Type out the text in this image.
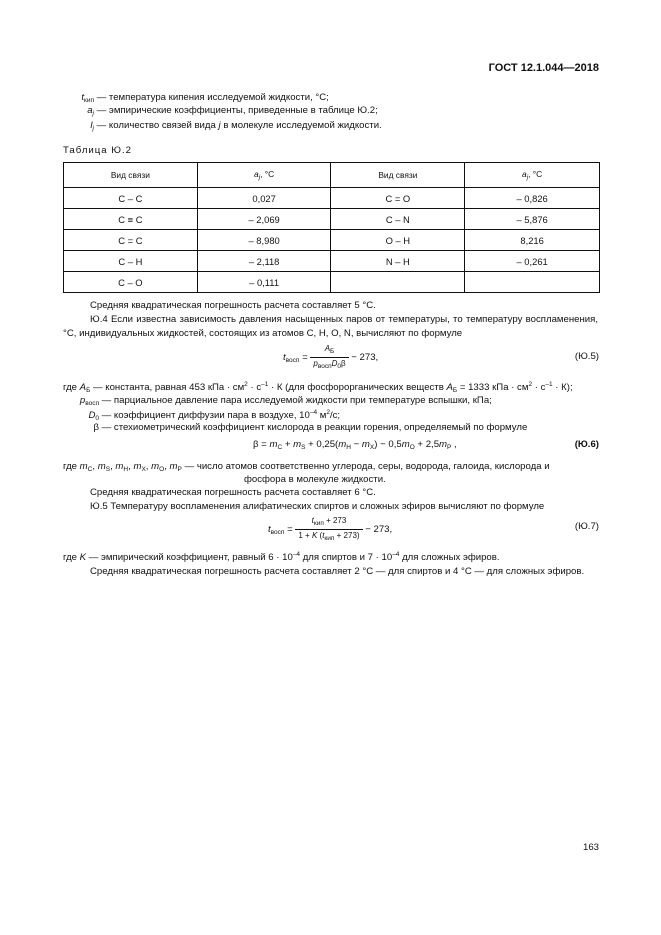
ГОСТ 12.1.044—2018
$t_{кип}$ — температура кипения исследуемой жидкости, °С;
$a_j$ — эмпирические коэффициенты, приведенные в таблице Ю.2;
$l_j$ — количество связей вида j в молекуле исследуемой жидкости.
Таблица Ю.2
Вид связи	$a_j$, °С	Вид связи	$a_j$, °С
C – C	0,027	C = O	– 0,826
C ≡ C	– 2,069	C – N	– 5,876
C = C	– 8,980	O – H	8,216
C – H	– 2,118	N – H	– 0,261
C – O	– 0,111		
Средняя квадратическая погрешность расчета составляет 5 °С.
Ю.4 Если известна зависимость давления насыщенных паров от температуры, то температуру воспламенения, °С, индивидуальных жидкостей, состоящих из атомов С, Н, О, N, вычисляют по формуле
$t_{восп} = \frac{A_Б}{p_{восп}D_0\beta} - 273$,	(Ю.5)
где $A_Б$ — константа, равная 453 кПа · $см^2 \cdot с^{-1} \cdot К$ (для фосфорорганических веществ $A_Б = 1333$ кПа · $см^2 \cdot с^{-1} \cdot К$);
$p_{восп}$ — парциальное давление пара исследуемой жидкости при температуре вспышки, кПа;
$D_0$ — коэффициент диффузии пара в воздухе, $10^{-4}$ $м^2/с$;
β — стехиометрический коэффициент кислорода в реакции горения, определяемый по формуле
$\beta = m_C + m_S + 0,25(m_H - m_X) - 0,5m_O + 2,5m_P$ ,	(Ю.6)
где $m_C$, $m_S$, $m_H$, $m_X$, $m_O$, $m_P$ — число атомов соответственно углерода, серы, водорода, галоида, кислорода и
фосфора в молекуле жидкости.
Средняя квадратическая погрешность расчета составляет 6 °С.
Ю.5 Температуру воспламенения алифатических спиртов и сложных эфиров вычисляют по формуле
$t_{восп} = \frac{t_{кип} + 273}{1 + K (t_{кип} + 273)} - 273$,	(Ю.7)
где K — эмпирический коэффициент, равный $6 \cdot 10^{-4}$ для спиртов и $7 \cdot 10^{-4}$ для сложных эфиров.
Средняя квадратическая погрешность расчета составляет 2 °С — для спиртов и 4 °С — для сложных эфиров.
163
